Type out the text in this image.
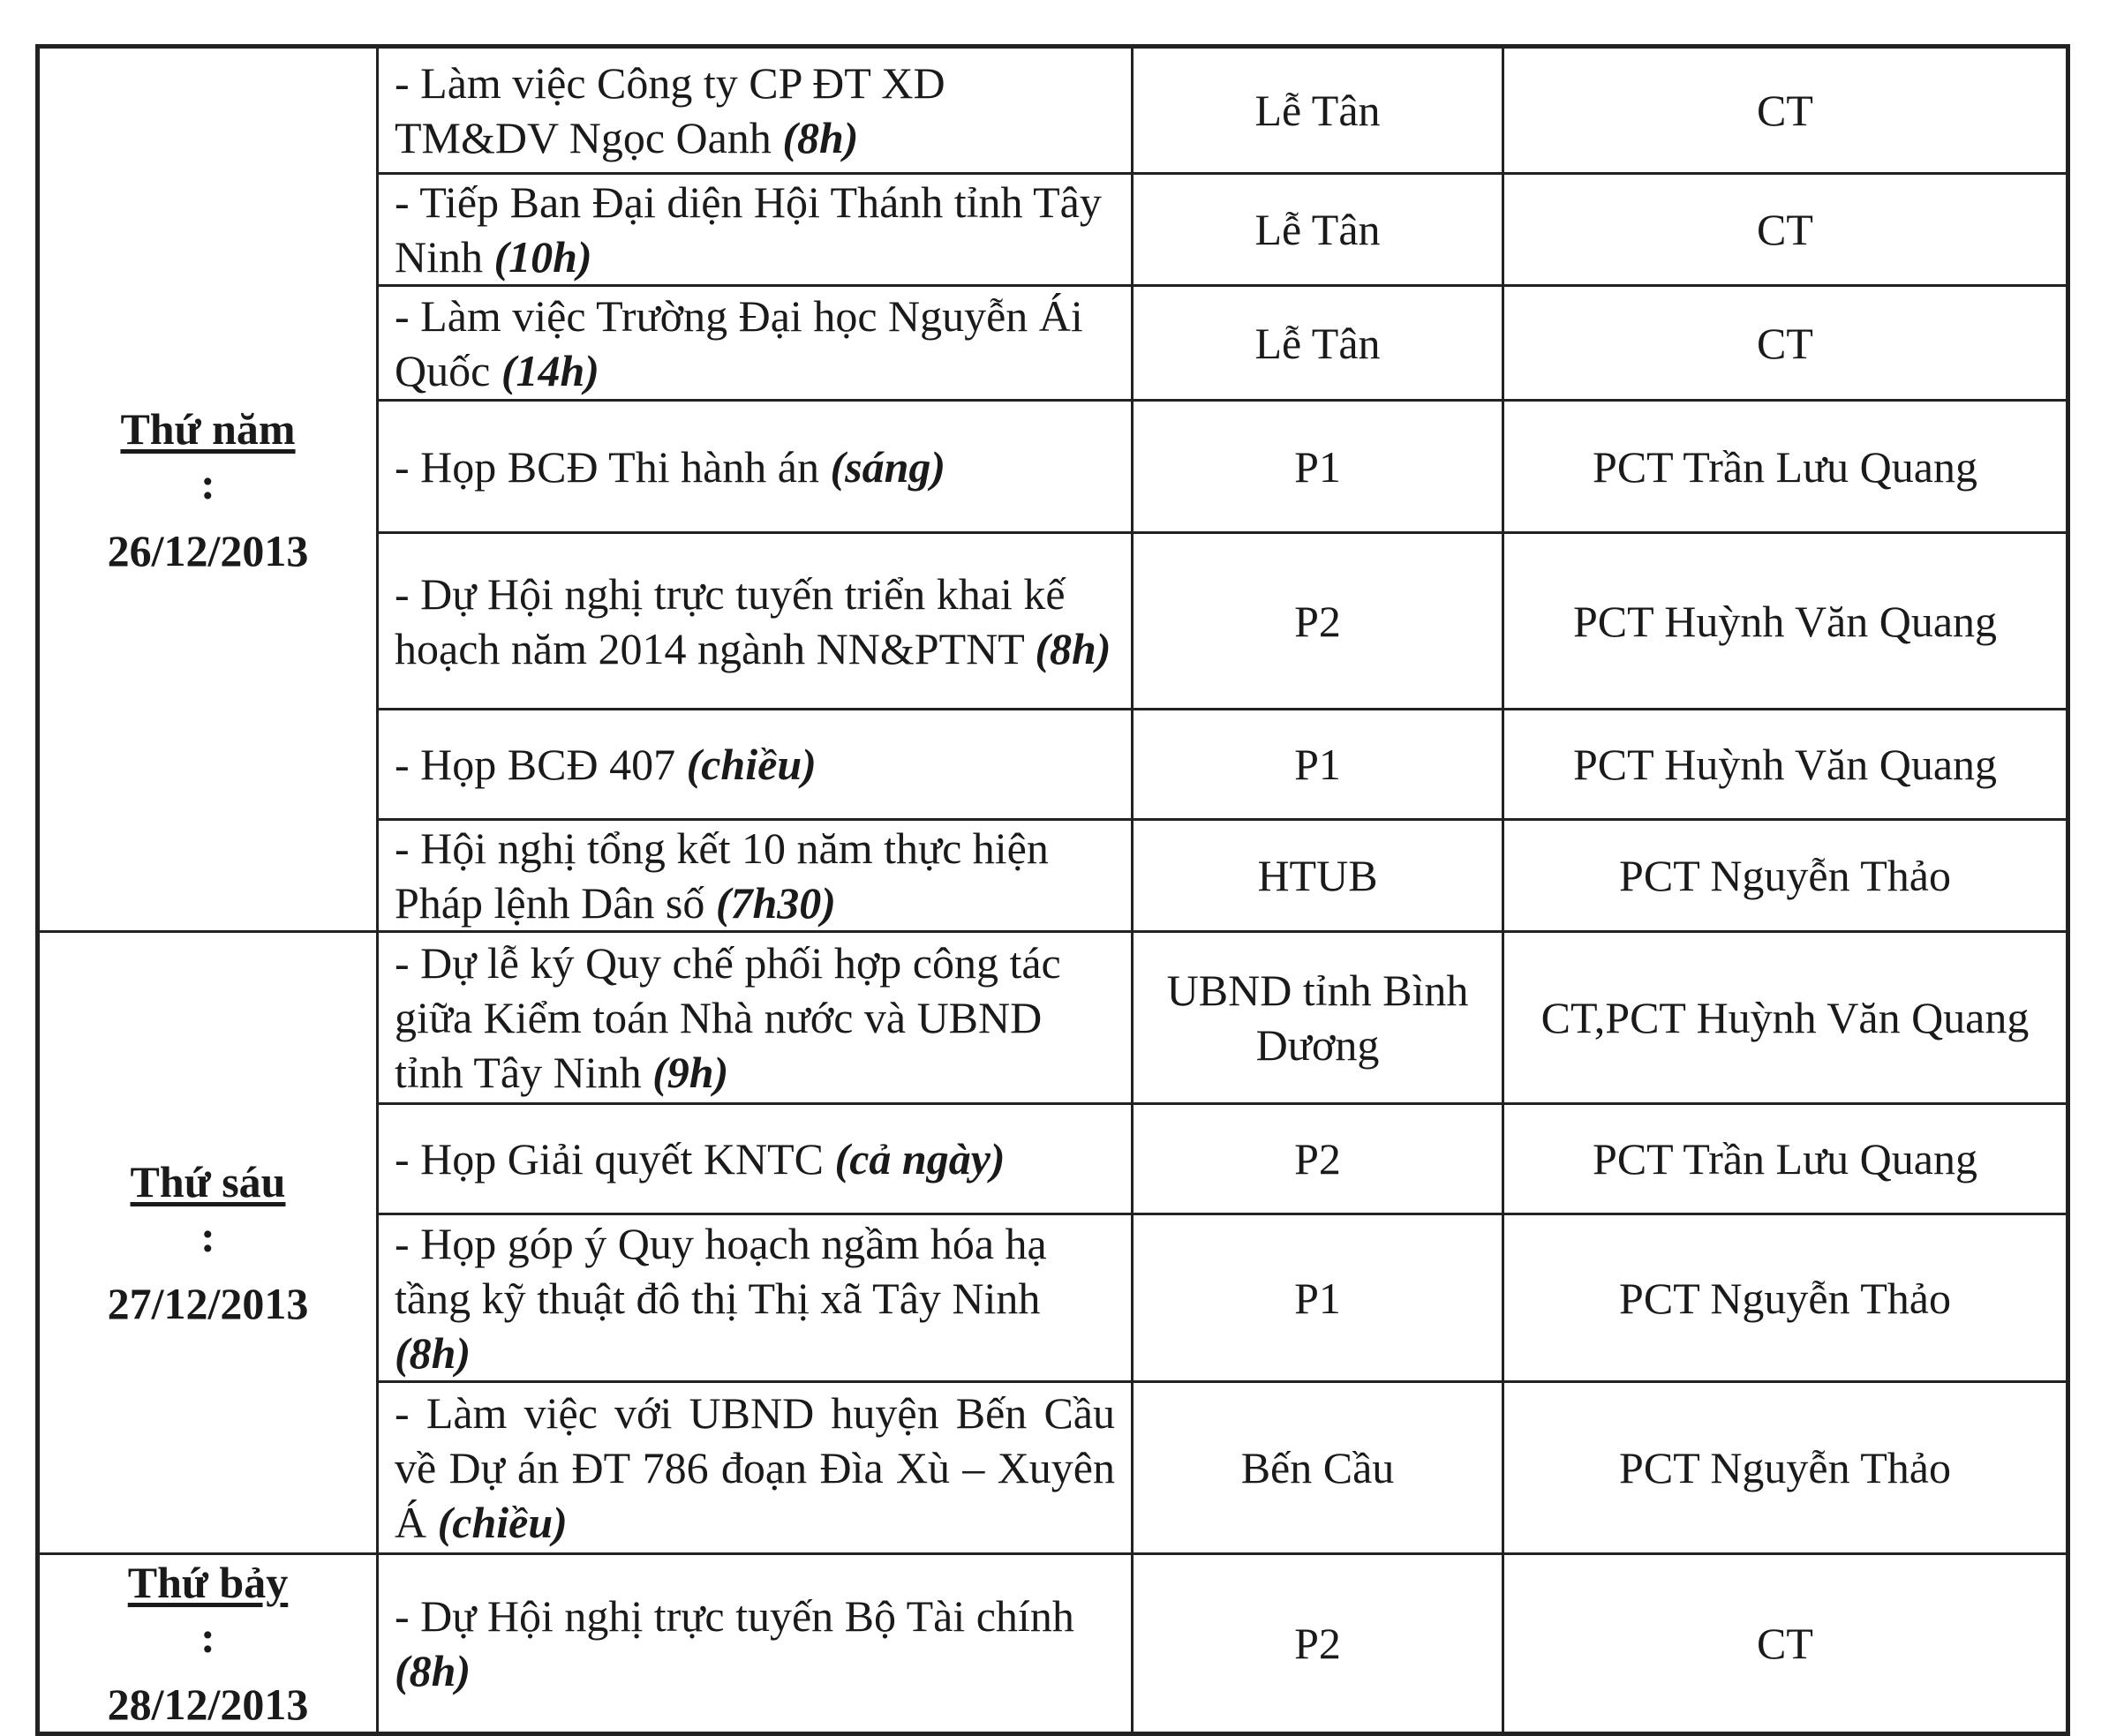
Thứ năm
:
26/12/2013	- Làm việc Công ty CP ĐT XD TM&DV Ngọc Oanh (8h)	Lễ Tân	CT
	- Tiếp Ban Đại diện Hội Thánh tỉnh Tây Ninh (10h)	Lễ Tân	CT
	- Làm việc Trường Đại học Nguyễn Ái Quốc (14h)	Lễ Tân	CT
	- Họp BCĐ Thi hành án (sáng)	P1	PCT Trần Lưu Quang
	- Dự Hội nghị trực tuyến triển khai kế hoạch năm 2014 ngành NN&PTNT (8h)	P2	PCT Huỳnh Văn Quang
	- Họp BCĐ 407 (chiều)	P1	PCT Huỳnh Văn Quang
	- Hội nghị tổng kết 10 năm thực hiện Pháp lệnh Dân số (7h30)	HTUB	PCT Nguyễn Thảo

Thứ sáu
:
27/12/2013	- Dự lễ ký Quy chế phối hợp công tác giữa Kiểm toán Nhà nước và UBND tỉnh Tây Ninh (9h)	UBND tỉnh Bình Dương	CT,PCT Huỳnh Văn Quang
	- Họp Giải quyết KNTC (cả ngày)	P2	PCT Trần Lưu Quang
	- Họp góp ý Quy hoạch ngầm hóa hạ tầng kỹ thuật đô thị Thị xã Tây Ninh (8h)	P1	PCT Nguyễn Thảo
	- Làm việc với UBND huyện Bến Cầu về Dự án ĐT 786 đoạn Đìa Xù – Xuyên Á (chiều)	Bến Cầu	PCT Nguyễn Thảo

Thứ bảy
:
28/12/2013	- Dự Hội nghị trực tuyến Bộ Tài chính (8h)	P2	CT
